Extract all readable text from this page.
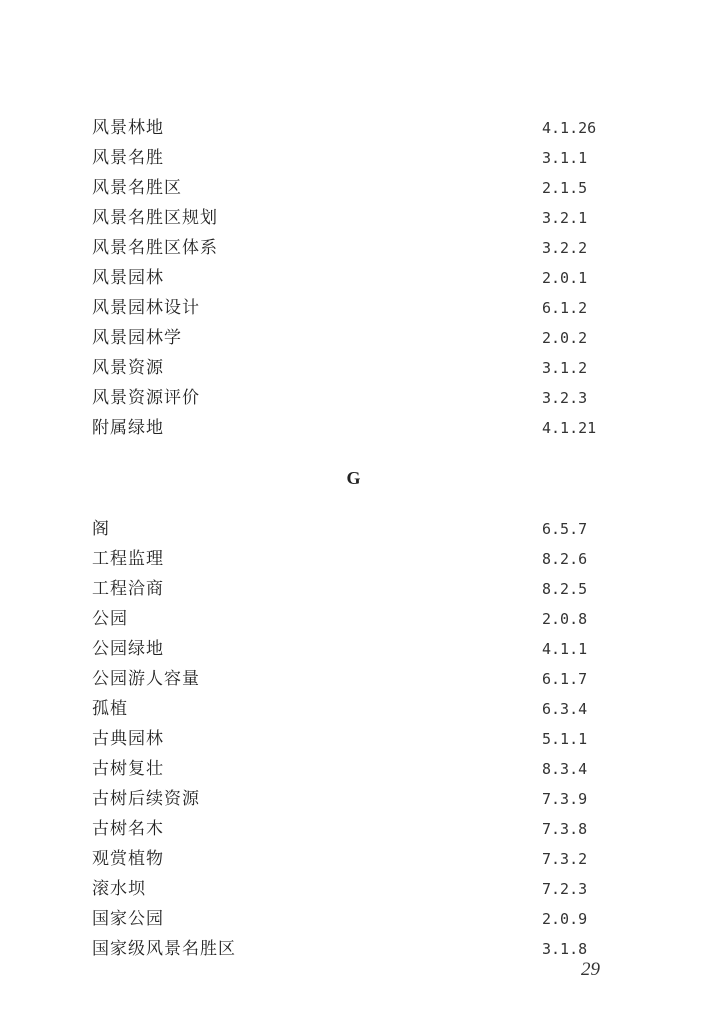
风景林地	4.1.26
风景名胜	3.1.1
风景名胜区	2.1.5
风景名胜区规划	3.2.1
风景名胜区体系	3.2.2
风景园林	2.0.1
风景园林设计	6.1.2
风景园林学	2.0.2
风景资源	3.1.2
风景资源评价	3.2.3
附属绿地	4.1.21
G
阁	6.5.7
工程监理	8.2.6
工程洽商	8.2.5
公园	2.0.8
公园绿地	4.1.1
公园游人容量	6.1.7
孤植	6.3.4
古典园林	5.1.1
古树复壮	8.3.4
古树后续资源	7.3.9
古树名木	7.3.8
观赏植物	7.3.2
滚水坝	7.2.3
国家公园	2.0.9
国家级风景名胜区	3.1.8
29
